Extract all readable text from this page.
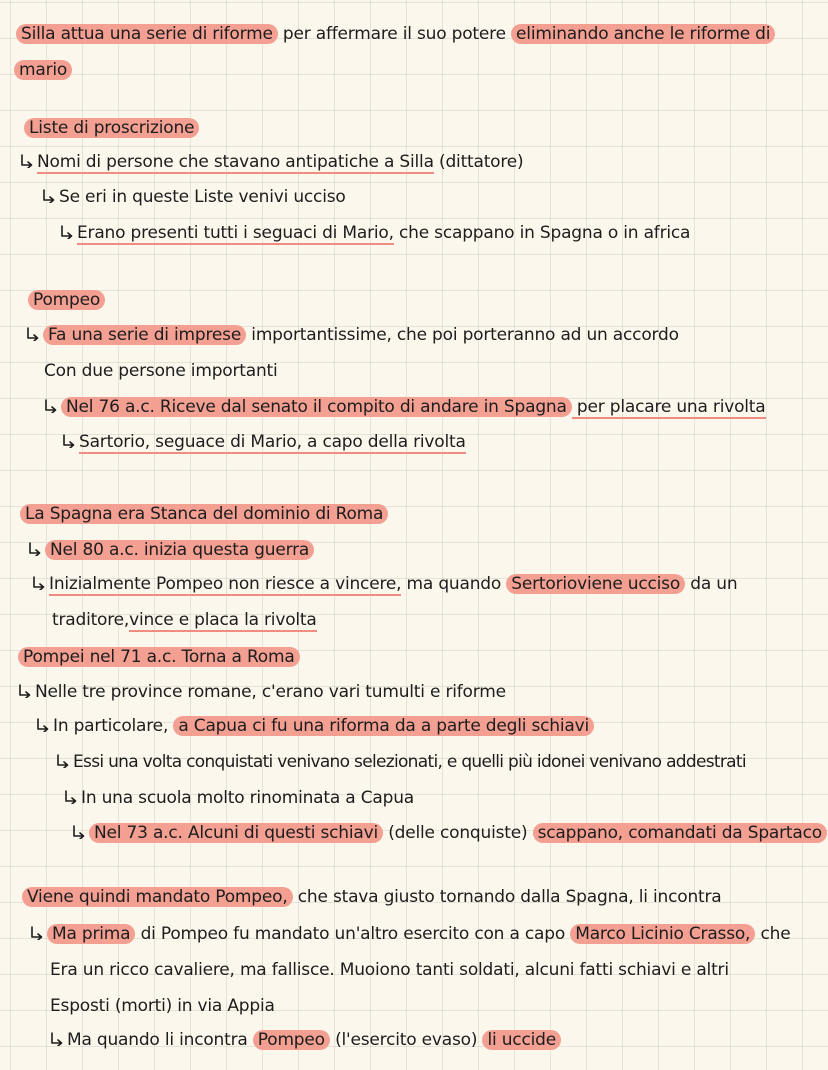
Silla attua una serie di riforme per affermare il suo potere eliminando anche le riforme di
mario
Liste di proscrizione
Nomi di persone che stavano antipatiche a Silla (dittatore)
Se eri in queste Liste venivi ucciso
Erano presenti tutti i seguaci di Mario, che scappano in Spagna o in africa
Pompeo
Fa una serie di imprese importantissime, che poi porteranno ad un accordo
Con due persone importanti
Nel 76 a.c. Riceve dal senato il compito di andare in Spagna per placare una rivolta
Sartorio, seguace di Mario, a capo della rivolta
La Spagna era Stanca del dominio di Roma
Nel 80 a.c. inizia questa guerra
Inizialmente Pompeo non riesce a vincere, ma quando Sertorioviene ucciso da un
traditore,vince e placa la rivolta
Pompei nel 71 a.c. Torna a Roma
Nelle tre province romane, c'erano vari tumulti e riforme
In particolare, a Capua ci fu una riforma da a parte degli schiavi
Essi una volta conquistati venivano selezionati, e quelli più idonei venivano addestrati
In una scuola molto rinominata a Capua
Nel 73 a.c. Alcuni di questi schiavi (delle conquiste) scappano, comandati da Spartaco
Viene quindi mandato Pompeo, che stava giusto tornando dalla Spagna, li incontra
Ma prima di Pompeo fu mandato un'altro esercito con a capo Marco Licinio Crasso, che
Era un ricco cavaliere, ma fallisce. Muoiono tanti soldati, alcuni fatti schiavi e altri
Esposti (morti) in via Appia
Ma quando li incontra Pompeo (l'esercito evaso) li uccide
